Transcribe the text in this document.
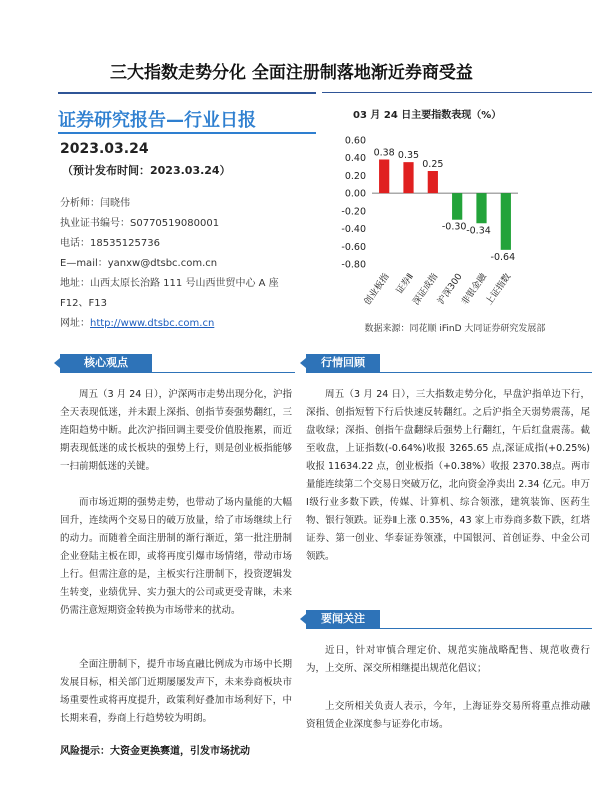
三大指数走势分化 全面注册制落地渐近券商受益
证券研究报告—行业日报
2023.03.24
（预计发布时间：2023.03.24）
分析师：闫晓伟
执业证书编号：S0770519080001
电话：18535125736
E—mail：yanxw@dtsbc.com.cn
地址：山西太原长治路 111 号山西世贸中心 A 座
F12、F13
网址：http://www.dtsbc.com.cn
03 月 24 日主要指数表现（%）
0.60
0.40
0.20
0.00
-0.20
-0.40
-0.60
-0.80
0.38
创业板指
0.35
证券Ⅱ
0.25
深证成指
-0.30
沪深300
-0.34
非银金融
-0.64
上证指数
数据来源：同花顺 iFinD 大同证券研究发展部
核心观点

周五（3 月 24 日），沪深两市走势出现分化，沪指全天表现低迷，并未跟上深指、创指节奏强势翻红，三连阳趋势中断。此次沪指回调主要受价值股拖累，而近期表现低迷的成长板块的强势上行，则是创业板指能够一扫前期低迷的关键。

而市场近期的强势走势，也带动了场内量能的大幅回升，连续两个交易日的破万放量，给了市场继续上行的动力。而随着全面注册制的渐行渐近，第一批注册制企业登陆主板在即，或将再度引爆市场情绪，带动市场上行。但需注意的是，主板实行注册制下，投资逻辑发生转变，业绩优异、实力强大的公司或更受青睐，未来仍需注意短期资金转换为市场带来的扰动。

全面注册制下，提升市场直融比例成为市场中长期发展目标，相关部门近期屡屡发声下，未来券商板块市场重要性或将再度提升，政策利好叠加市场利好下，中长期来看，券商上行趋势较为明朗。

风险提示：大资金更换赛道，引发市场扰动
行情回顾

周五（3 月 24 日），三大指数走势分化，早盘沪指单边下行，深指、创指短暂下行后快速反转翻红。之后沪指全天弱势震荡，尾盘收绿；深指、创指午盘翻绿后强势上行翻红，午后红盘震荡。截至收盘，上证指数(-0.64%)收报 3265.65 点,深证成指(+0.25%)收报 11634.22 点，创业板指（+0.38%）收报 2370.38点。两市量能连续第二个交易日突破万亿，北向资金净卖出 2.34 亿元。申万Ⅰ级行业多数下跌，传媒、计算机、综合领涨，建筑装饰、医药生物、银行领跌。证券Ⅱ上涨 0.35%，43 家上市券商多数下跌，红塔证券、第一创业、华泰证券领涨，中国银河、首创证券、中金公司领跌。

要闻关注

近日，针对审慎合理定价、规范实施战略配售、规范收费行为，上交所、深交所相继提出规范化倡议；

上交所相关负责人表示，今年，上海证券交易所将重点推动融资租赁企业深度参与证券化市场。
